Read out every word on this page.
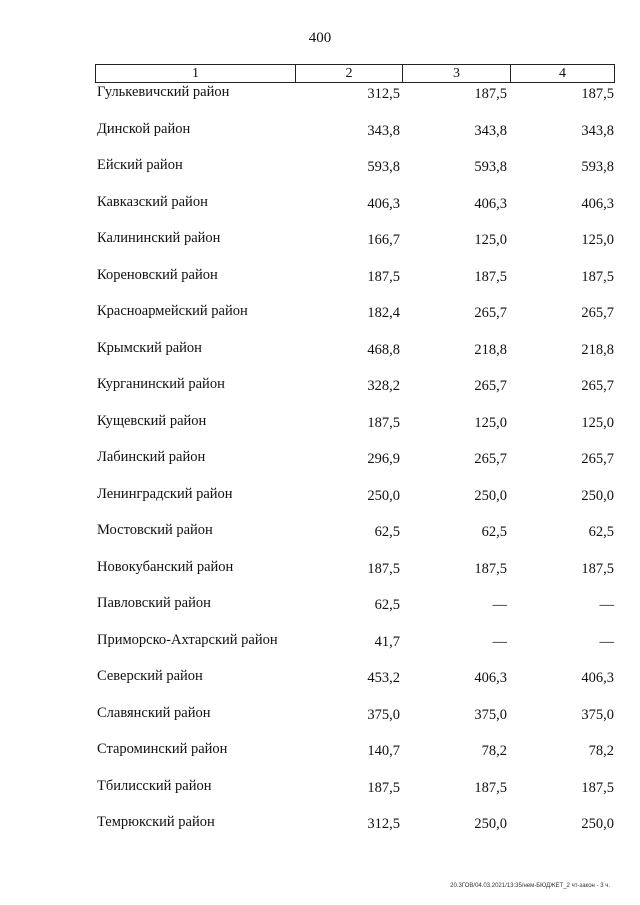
400
1	2	3	4
Гулькевичский район	312,5	187,5	187,5
Динской район	343,8	343,8	343,8
Ейский район	593,8	593,8	593,8
Кавказский район	406,3	406,3	406,3
Калининский район	166,7	125,0	125,0
Кореновский район	187,5	187,5	187,5
Красноармейский район	182,4	265,7	265,7
Крымский район	468,8	218,8	218,8
Курганинский район	328,2	265,7	265,7
Кущевский район	187,5	125,0	125,0
Лабинский район	296,9	265,7	265,7
Ленинградский район	250,0	250,0	250,0
Мостовский район	62,5	62,5	62,5
Новокубанский район	187,5	187,5	187,5
Павловский район	62,5	—	—
Приморско-Ахтарский район	41,7	—	—
Северский район	453,2	406,3	406,3
Славянский район	375,0	375,0	375,0
Староминский район	140,7	78,2	78,2
Тбилисский район	187,5	187,5	187,5
Темрюкский район	312,5	250,0	250,0
20.3ГОВ/04.03.2021/13:35/нем-БЮДЖЕТ_2 чт-закон - 3 ч.
